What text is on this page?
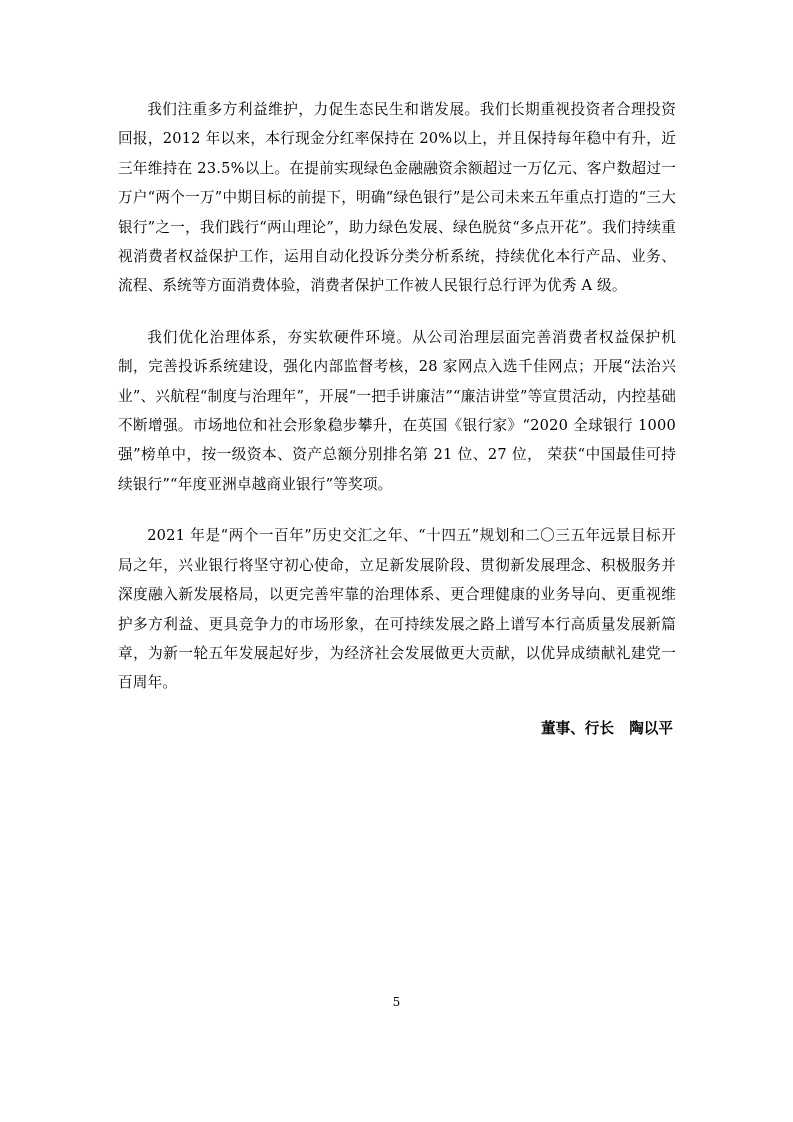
我们注重多方利益维护，力促生态民生和谐发展。我们长期重视投资者合理投资回报，2012 年以来，本行现金分红率保持在 20%以上，并且保持每年稳中有升，近三年维持在 23.5%以上。在提前实现绿色金融融资余额超过一万亿元、客户数超过一万户“两个一万”中期目标的前提下，明确“绿色银行”是公司未来五年重点打造的“三大银行”之一，我们践行“两山理论”，助力绿色发展、绿色脱贫“多点开花”。我们持续重视消费者权益保护工作，运用自动化投诉分类分析系统，持续优化本行产品、业务、流程、系统等方面消费体验，消费者保护工作被人民银行总行评为优秀 A 级。

我们优化治理体系，夯实软硬件环境。从公司治理层面完善消费者权益保护机制，完善投诉系统建设，强化内部监督考核，28 家网点入选千佳网点；开展“法治兴业”、兴航程“制度与治理年”，开展“一把手讲廉洁”“廉洁讲堂”等宣贯活动，内控基础不断增强。市场地位和社会形象稳步攀升，在英国《银行家》“2020 全球银行 1000 强”榜单中，按一级资本、资产总额分别排名第 21 位、27 位， 荣获“中国最佳可持续银行”“年度亚洲卓越商业银行”等奖项。

2021 年是“两个一百年”历史交汇之年、“十四五”规划和二〇三五年远景目标开局之年，兴业银行将坚守初心使命，立足新发展阶段、贯彻新发展理念、积极服务并深度融入新发展格局，以更完善牢靠的治理体系、更合理健康的业务导向、更重视维护多方利益、更具竞争力的市场形象，在可持续发展之路上谱写本行高质量发展新篇章，为新一轮五年发展起好步，为经济社会发展做更大贡献，以优异成绩献礼建党一百周年。

董事、行长   陶以平
5
